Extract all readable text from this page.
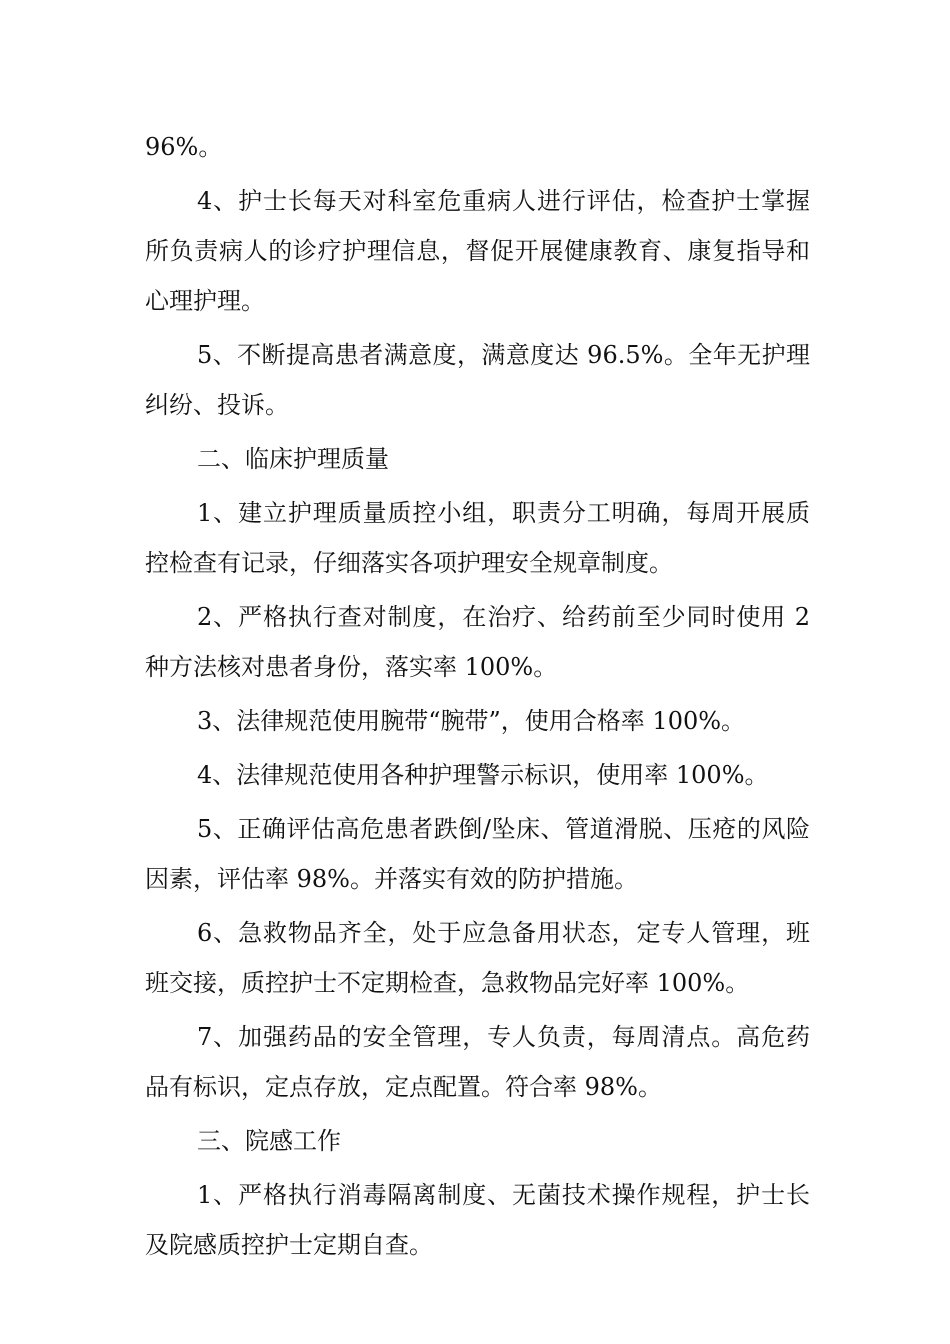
96%。

4、护士长每天对科室危重病人进行评估，检查护士掌握所负责病人的诊疗护理信息，督促开展健康教育、康复指导和心理护理。

5、不断提高患者满意度，满意度达 96.5%。全年无护理纠纷、投诉。

二、临床护理质量

1、建立护理质量质控小组，职责分工明确，每周开展质控检查有记录，仔细落实各项护理安全规章制度。

2、严格执行查对制度，在治疗、给药前至少同时使用 2 种方法核对患者身份，落实率 100%。

3、法律规范使用腕带“腕带”，使用合格率 100%。

4、法律规范使用各种护理警示标识，使用率 100%。

5、正确评估高危患者跌倒/坠床、管道滑脱、压疮的风险因素，评估率 98%。并落实有效的防护措施。

6、急救物品齐全，处于应急备用状态，定专人管理，班班交接，质控护士不定期检查，急救物品完好率 100%。

7、加强药品的安全管理，专人负责，每周清点。高危药品有标识，定点存放，定点配置。符合率 98%。

三、院感工作

1、严格执行消毒隔离制度、无菌技术操作规程，护士长及院感质控护士定期自查。
